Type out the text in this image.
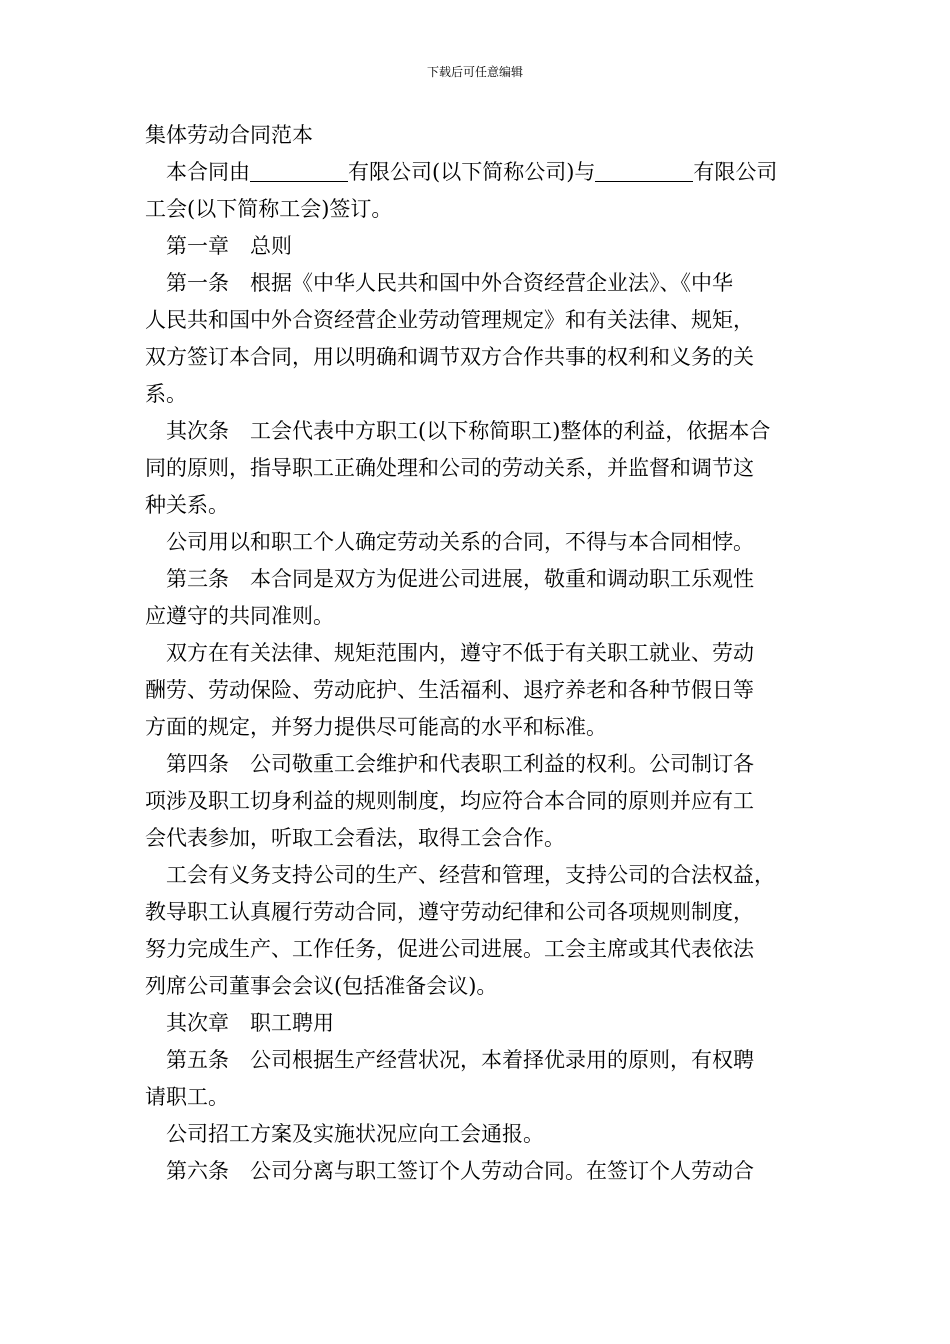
下载后可任意编辑
集体劳动合同范本

本合同由	有限公司(以下简称公司)与	有限公司

工会(以下简称工会)签订。

第一章　总则

第一条　根据《中华人民共和国中外合资经营企业法》、《中华
人民共和国中外合资经营企业劳动管理规定》和有关法律、规矩，
双方签订本合同，用以明确和调节双方合作共事的权利和义务的关
系。

其次条　工会代表中方职工(以下称简职工)整体的利益，依据本合
同的原则，指导职工正确处理和公司的劳动关系，并监督和调节这
种关系。

公司用以和职工个人确定劳动关系的合同，不得与本合同相悖。

第三条　本合同是双方为促进公司进展，敬重和调动职工乐观性
应遵守的共同准则。

双方在有关法律、规矩范围内，遵守不低于有关职工就业、劳动
酬劳、劳动保险、劳动庇护、生活福利、退疗养老和各种节假日等
方面的规定，并努力提供尽可能高的水平和标准。

第四条　公司敬重工会维护和代表职工利益的权利。公司制订各
项涉及职工切身利益的规则制度，均应符合本合同的原则并应有工
会代表参加，听取工会看法，取得工会合作。

工会有义务支持公司的生产、经营和管理，支持公司的合法权益，
教导职工认真履行劳动合同，遵守劳动纪律和公司各项规则制度，
努力完成生产、工作任务，促进公司进展。工会主席或其代表依法
列席公司董事会会议(包括准备会议)。

其次章　职工聘用

第五条　公司根据生产经营状况，本着择优录用的原则，有权聘
请职工。

公司招工方案及实施状况应向工会通报。

第六条　公司分离与职工签订个人劳动合同。在签订个人劳动合
